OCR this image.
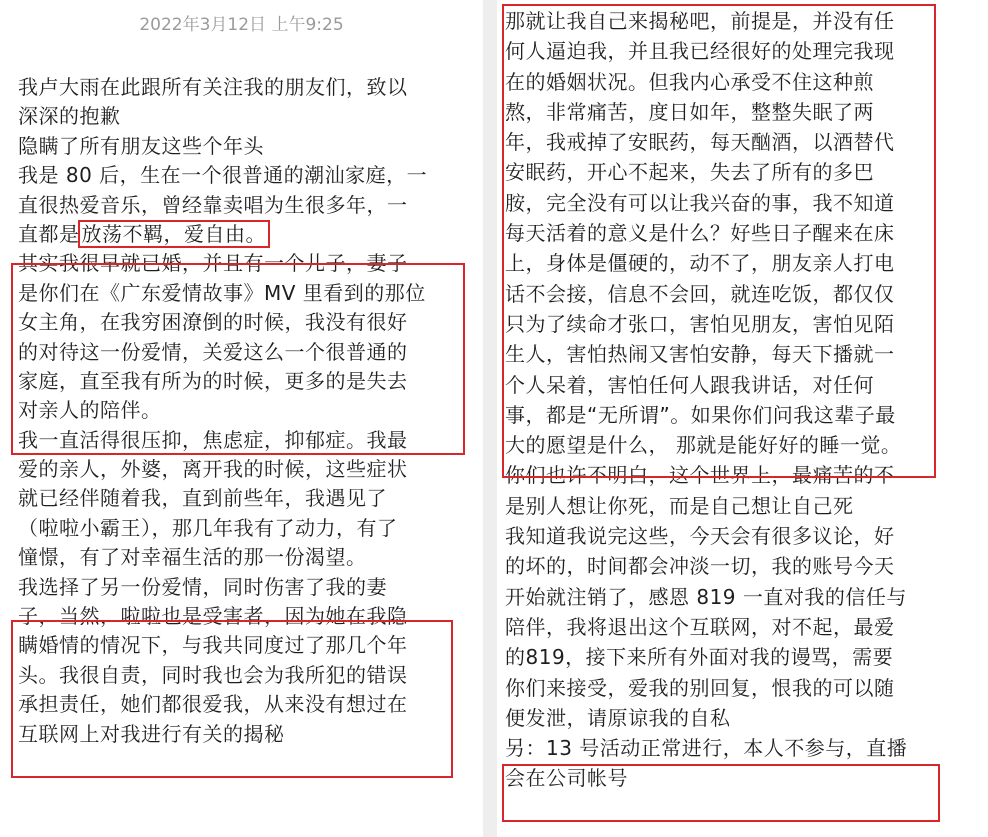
2022年3月12日 上午9:25
我卢大雨在此跟所有关注我的朋友们，致以
深深的抱歉
隐瞒了所有朋友这些个年头
我是 80 后，生在一个很普通的潮汕家庭，一
直很热爱音乐，曾经靠卖唱为生很多年，一
直都是 放荡不羁，爱自由。
其实我很早就已婚，并且有一个儿子，妻子
是你们在《广东爱情故事》MV 里看到的那位
女主角，在我穷困潦倒的时候，我没有很好
的对待这一份爱情，关爱这么一个很普通的
家庭，直至我有所为的时候，更多的是失去
对亲人的陪伴。
我一直活得很压抑，焦虑症，抑郁症。我最
爱的亲人，外婆，离开我的时候，这些症状
就已经伴随着我，直到前些年，我遇见了
（啦啦小霸王），那几年我有了动力，有了
憧憬，有了对幸福生活的那一份渴望。
我选择了另一份爱情，同时伤害了我的妻
子，当然，啦啦也是受害者，因为她在我隐
瞒婚情的情况下，与我共同度过了那几个年
头。我很自责，同时我也会为我所犯的错误
承担责任，她们都很爱我，从来没有想过在
互联网上对我进行有关的揭秘
那就让我自己来揭秘吧，前提是，并没有任
何人逼迫我，并且我已经很好的处理完我现
在的婚姻状况。但我内心承受不住这种煎
熬，非常痛苦，度日如年，整整失眠了两
年，我戒掉了安眠药，每天酗酒，以酒替代
安眠药，开心不起来，失去了所有的多巴
胺，完全没有可以让我兴奋的事，我不知道
每天活着的意义是什么？好些日子醒来在床
上，身体是僵硬的，动不了，朋友亲人打电
话不会接，信息不会回，就连吃饭，都仅仅
只为了续命才张口，害怕见朋友，害怕见陌
生人，害怕热闹又害怕安静，每天下播就一
个人呆着，害怕任何人跟我讲话，对任何
事，都是“无所谓”。如果你们问我这辈子最
大的愿望是什么， 那就是能好好的睡一觉。
你们也许不明白，这个世界上，最痛苦的不
是别人想让你死，而是自己想让自己死
我知道我说完这些，今天会有很多议论，好
的坏的，时间都会冲淡一切，我的账号今天
开始就注销了，感恩 819 一直对我的信任与
陪伴，我将退出这个互联网，对不起，最爱
的819，接下来所有外面对我的谩骂，需要
你们来接受，爱我的别回复，恨我的可以随
便发泄，请原谅我的自私
另：13 号活动正常进行，本人不参与，直播
会在公司帐号
